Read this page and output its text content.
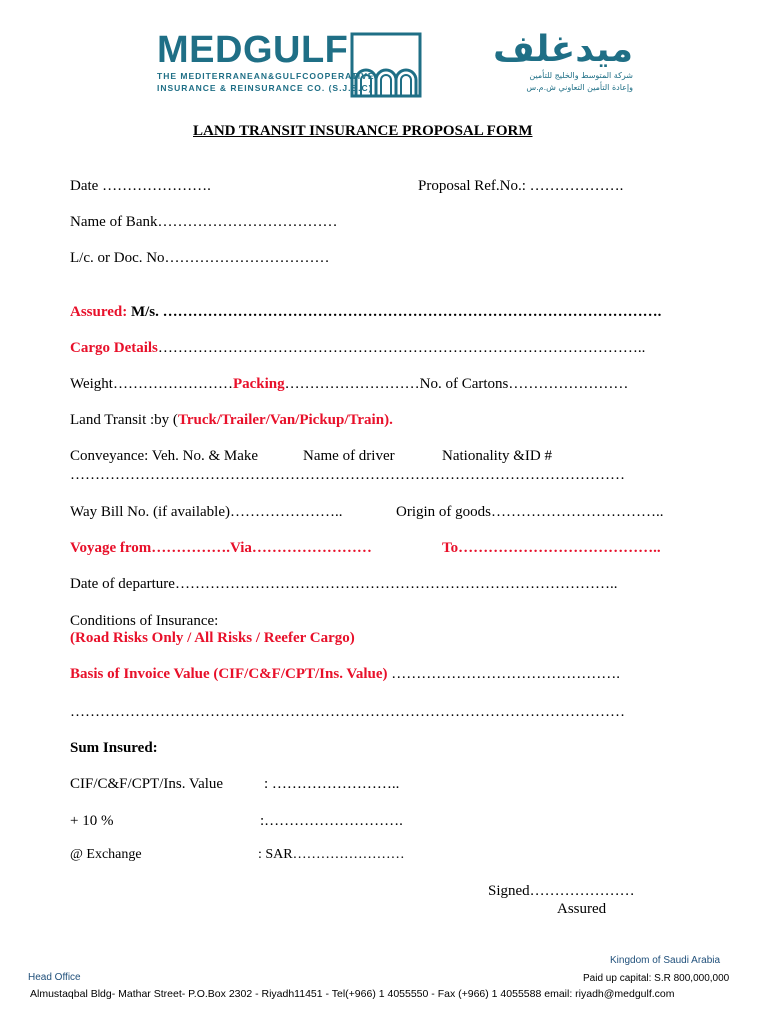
MEDGULF
THE MEDITERRANEAN&GULFCOOPERATIVE
INSURANCE & REINSURANCE CO. (S.J.S.C)
ميدغلف
شركة المتوسط والخليج للتأمين
وإعادة التأمين التعاوني ش.م.س
LAND TRANSIT INSURANCE PROPOSAL FORM
Date ………………….	Proposal Ref.No.: ……………….
Name of Bank………………………………
L/c. or Doc. No……………………………
Assured: M/s. ……………………………………………………………………………………….
Cargo Details……………………………………………………………………………………..
Weight……………………Packing………………………No. of Cartons……………………
Land Transit :by (Truck/Trailer/Van/Pickup/Train).
Conveyance: Veh. No. & Make	Name of driver	Nationality &ID #
…………………………………………………………………………………………………
Way Bill No. (if available)…………………..	Origin of goods……………………………..
Voyage from…………….Via……………………	To…………………………………..
Date of departure……………………………………………………………………………..
Conditions of Insurance:
(Road Risks Only / All Risks / Reefer Cargo)
Basis of Invoice Value (CIF/C&F/CPT/Ins. Value) ……………………………………….
…………………………………………………………………………………………………
Sum Insured:
CIF/C&F/CPT/Ins. Value	: ……………………..
+ 10 %	:……………………….
@ Exchange	: SAR……………………
Signed…………………
Assured
Head Office
Kingdom of Saudi Arabia
Paid up capital: S.R 800,000,000
Almustaqbal Bldg- Mathar Street- P.O.Box 2302 - Riyadh11451 - Tel(+966) 1 4055550 - Fax (+966) 1 4055588 email: riyadh@medgulf.com
